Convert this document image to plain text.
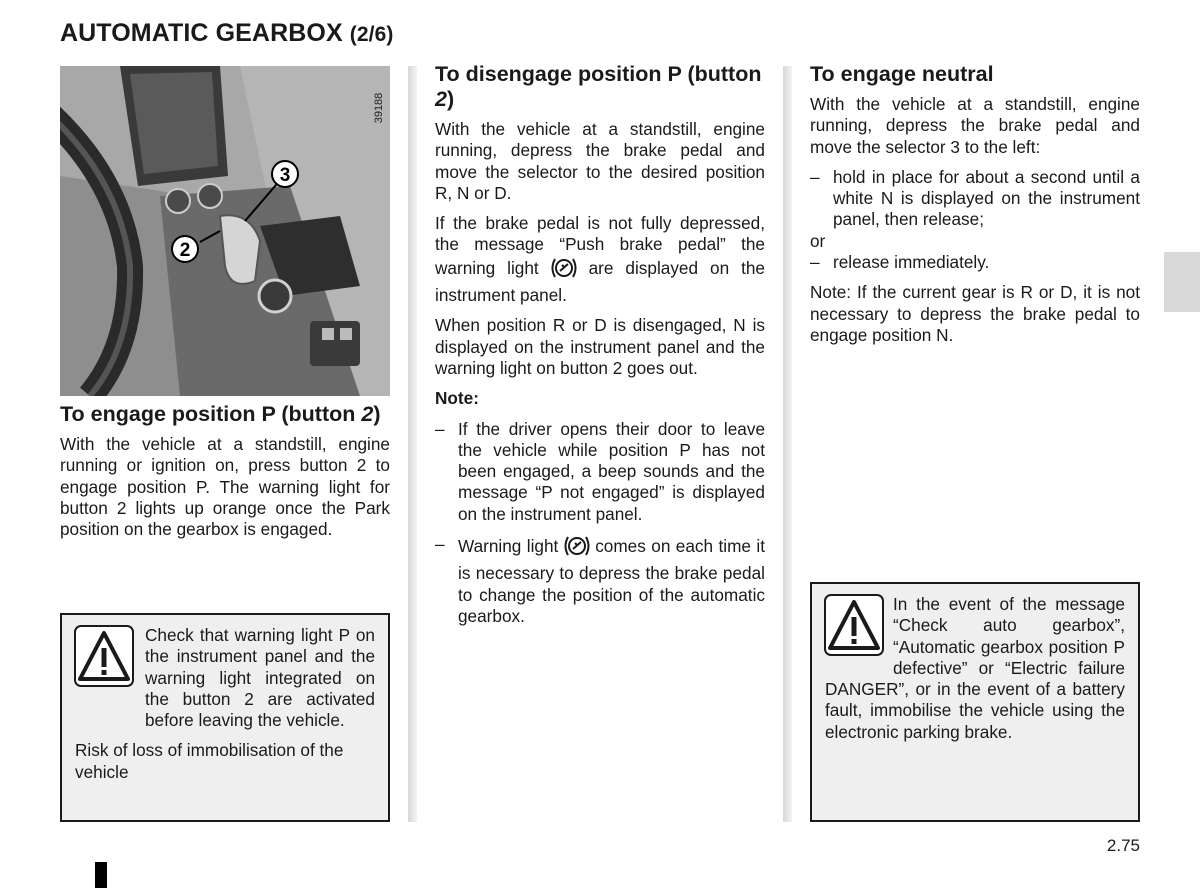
AUTOMATIC GEARBOX (2/6)
3
2
39188
To engage position P (button 2)

With the vehicle at a standstill, engine running or ignition on, press button 2 to engage position P. The warning light for button 2 lights up orange once the Park position on the gearbox is engaged.

Check that warning light P on the instrument panel and the warning light integrated on the button 2 are activated before leaving the vehicle.

Risk of loss of immobilisation of the vehicle

To disengage position P (button 2)

With the vehicle at a standstill, engine running, depress the brake pedal and move the selector to the desired position R, N or D.

If the brake pedal is not fully depressed, the message “Push brake pedal” the warning light	are displayed on the instrument panel.

When position R or D is disengaged, N is displayed on the instrument panel and the warning light on button 2 goes out.

Note:

– If the driver opens their door to leave the vehicle while position P has not been engaged, a beep sounds and the message “P not engaged” is displayed on the instrument panel.
– Warning light comes on each time it is necessary to depress the brake pedal to change the position of the automatic gearbox.
To engage neutral

With the vehicle at a standstill, engine running, depress the brake pedal and move the selector 3 to the left:

– hold in place for about a second until a white N is displayed on the instrument panel, then release;

or

– release immediately.

Note: If the current gear is R or D, it is not necessary to depress the brake pedal to engage position N.

In the event of the message “Check auto gearbox”, “Automatic gearbox position P defective” or “Electric failure DANGER”, or in the event of a battery fault, immobilise the vehicle using the electronic parking brake.

2.75
